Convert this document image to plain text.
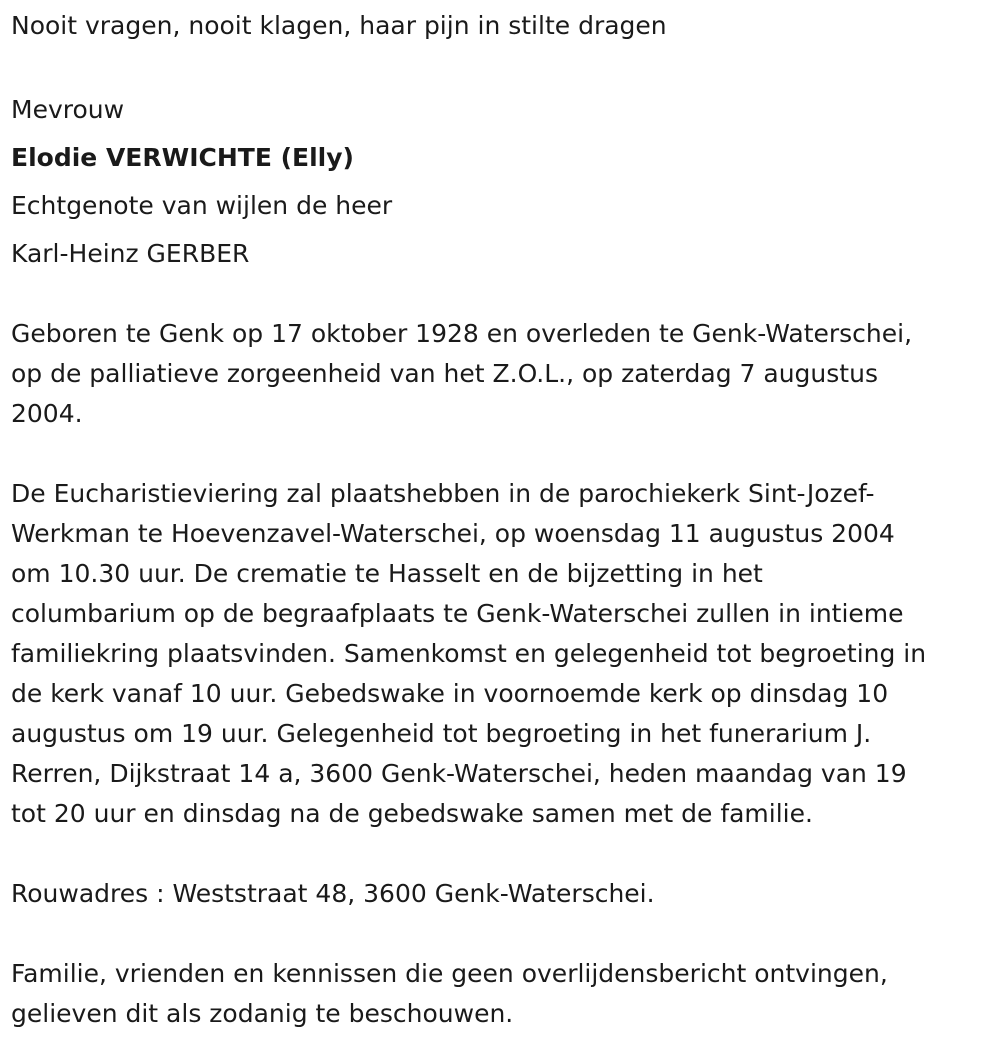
Nooit vragen, nooit klagen, haar pijn in stilte dragen

Mevrouw

Elodie VERWICHTE (Elly)

Echtgenote van wijlen de heer

Karl-Heinz GERBER

Geboren te Genk op 17 oktober 1928 en overleden te Genk-Waterschei,

op de palliatieve zorgeenheid van het Z.O.L., op zaterdag 7 augustus

2004.

De Eucharistieviering zal plaatshebben in de parochiekerk Sint-Jozef-

Werkman te Hoevenzavel-Waterschei, op woensdag 11 augustus 2004

om 10.30 uur. De crematie te Hasselt en de bijzetting in het

columbarium op de begraafplaats te Genk-Waterschei zullen in intieme

familiekring plaatsvinden. Samenkomst en gelegenheid tot begroeting in

de kerk vanaf 10 uur. Gebedswake in voornoemde kerk op dinsdag 10

augustus om 19 uur. Gelegenheid tot begroeting in het funerarium J.

Rerren, Dijkstraat 14 a, 3600 Genk-Waterschei, heden maandag van 19

tot 20 uur en dinsdag na de gebedswake samen met de familie.

Rouwadres : Weststraat 48, 3600 Genk-Waterschei.

Familie, vrienden en kennissen die geen overlijdensbericht ontvingen,

gelieven dit als zodanig te beschouwen.
